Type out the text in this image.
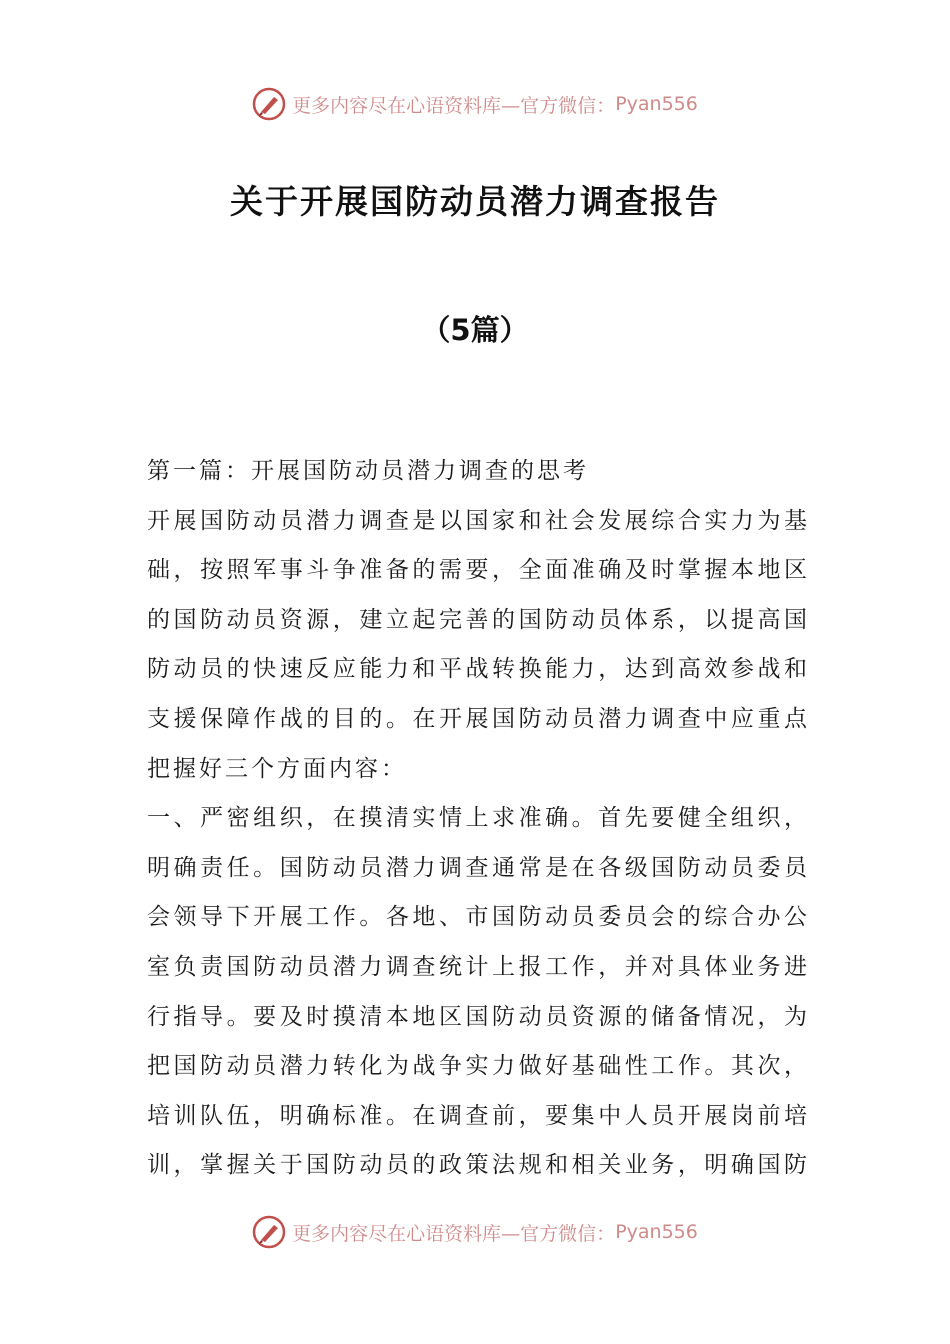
更多内容尽在心语资料库— 官方微信： Pyan556
关于开展国防动员潜力调查报告
（5篇）
第一篇：开展国防动员潜力调查的思考
开展国防动员潜力调查是以国家和社会发展综合实力为基
础，按照军事斗争准备的需要，全面准确及时掌握本地区
的国防动员资源，建立起完善的国防动员体系，以提高国
防动员的快速反应能力和平战转换能力，达到高效参战和
支援保障作战的目的。在开展国防动员潜力调查中应重点
把握好三个方面内容：
一、严密组织，在摸清实情上求准确。首先要健全组织，
明确责任。国防动员潜力调查通常是在各级国防动员委员
会领导下开展工作。各地、市国防动员委员会的综合办公
室负责国防动员潜力调查统计上报工作，并对具体业务进
行指导。要及时摸清本地区国防动员资源的储备情况，为
把国防动员潜力转化为战争实力做好基础性工作。其次，
培训队伍，明确标准。在调查前，要集中人员开展岗前培
训，掌握关于国防动员的政策法规和相关业务，明确国防
更多内容尽在心语资料库— 官方微信： Pyan556
